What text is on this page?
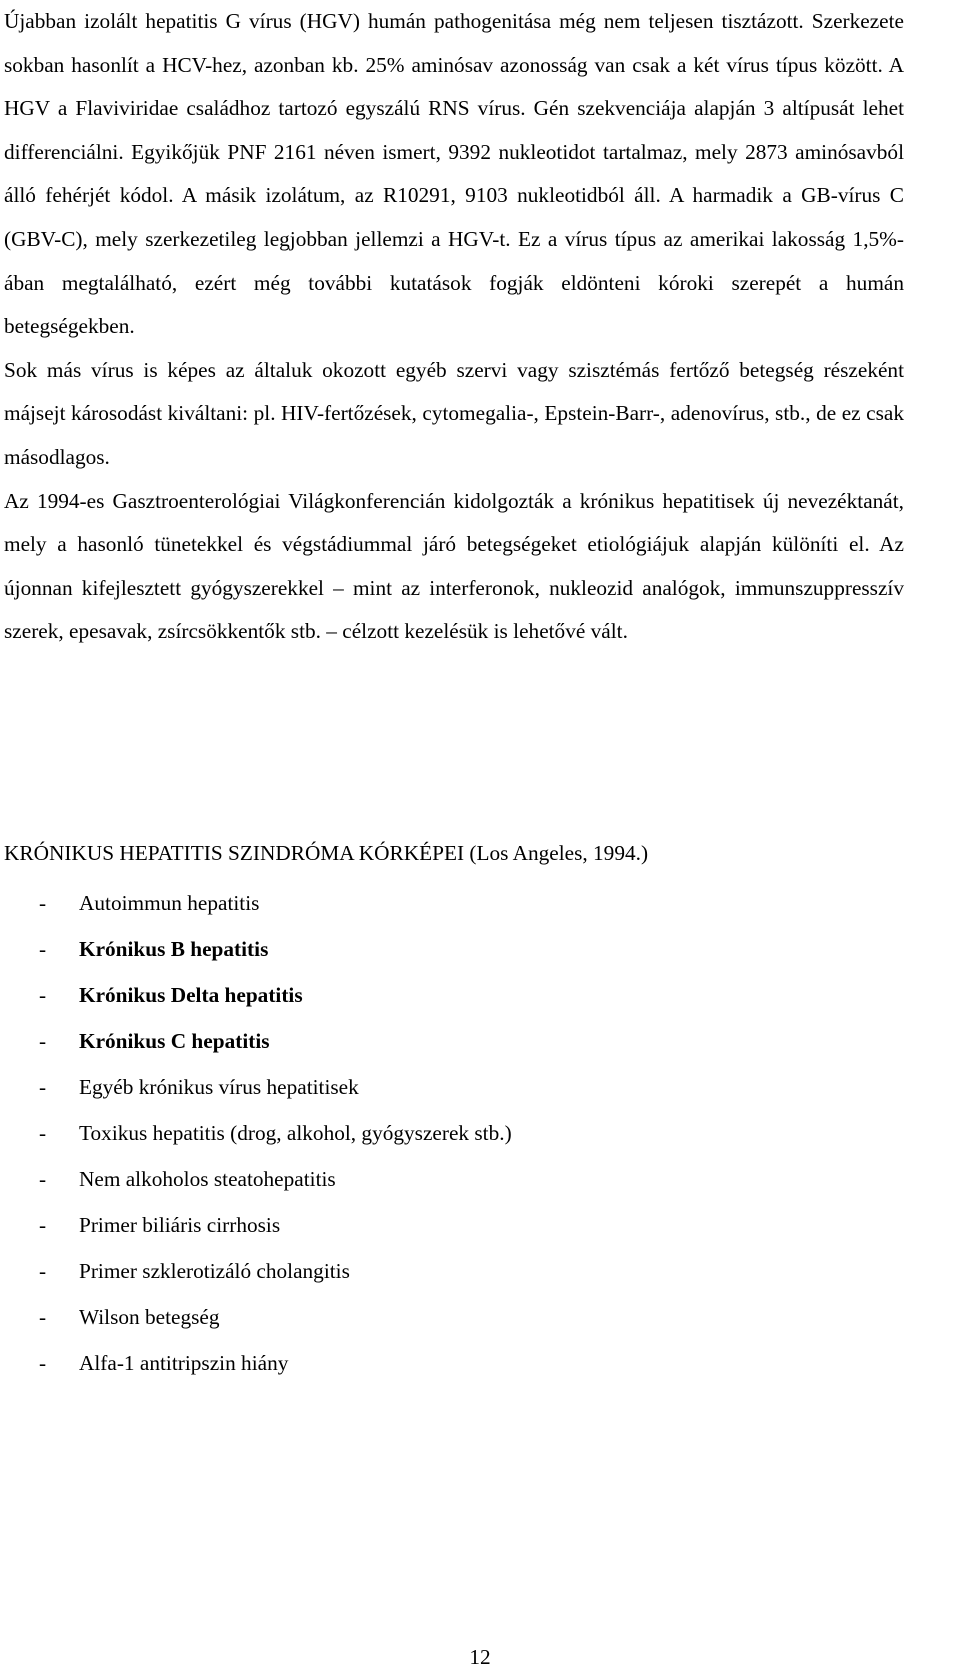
Újabban izolált hepatitis G vírus (HGV) humán pathogenitása még nem teljesen tisztázott. Szerkezete sokban hasonlít a HCV-hez, azonban kb. 25% aminósav azonosság van csak a két vírus típus között. A HGV a Flaviviridae családhoz tartozó egyszálú RNS vírus. Gén szekvenciája alapján 3 altípusát lehet differenciálni. Egyikőjük PNF 2161 néven ismert, 9392 nukleotidot tartalmaz, mely 2873 aminósavból álló fehérjét kódol. A másik izolátum, az R10291, 9103 nukleotidból áll. A harmadik a GB-vírus C (GBV-C), mely szerkezetileg legjobban jellemzi a HGV-t. Ez a vírus típus az amerikai lakosság 1,5%-ában megtalálható, ezért még további kutatások fogják eldönteni kóroki szerepét a humán betegségekben.

Sok más vírus is képes az általuk okozott egyéb szervi vagy szisztémás fertőző betegség részeként májsejt károsodást kiváltani: pl. HIV-fertőzések, cytomegalia-, Epstein-Barr-, adenovírus, stb., de ez csak másodlagos.

Az 1994-es Gasztroenterológiai Világkonferencián kidolgozták a krónikus hepatitisek új nevezéktanát, mely a hasonló tünetekkel és végstádiummal járó betegségeket etiológiájuk alapján különíti el. Az újonnan kifejlesztett gyógyszerekkel – mint az interferonok, nukleozid analógok, immunszuppresszív szerek, epesavak, zsírcsökkentők stb. – célzott kezelésük is lehetővé vált.

KRÓNIKUS HEPATITIS SZINDRÓMA KÓRKÉPEI (Los Angeles, 1994.)
- Autoimmun hepatitis
- Krónikus B hepatitis
- Krónikus Delta hepatitis
- Krónikus C hepatitis
- Egyéb krónikus vírus hepatitisek
- Toxikus hepatitis (drog, alkohol, gyógyszerek stb.)
- Nem alkoholos steatohepatitis
- Primer biliáris cirrhosis
- Primer szklerotizáló cholangitis
- Wilson betegség
- Alfa-1 antitripszin hiány
12
